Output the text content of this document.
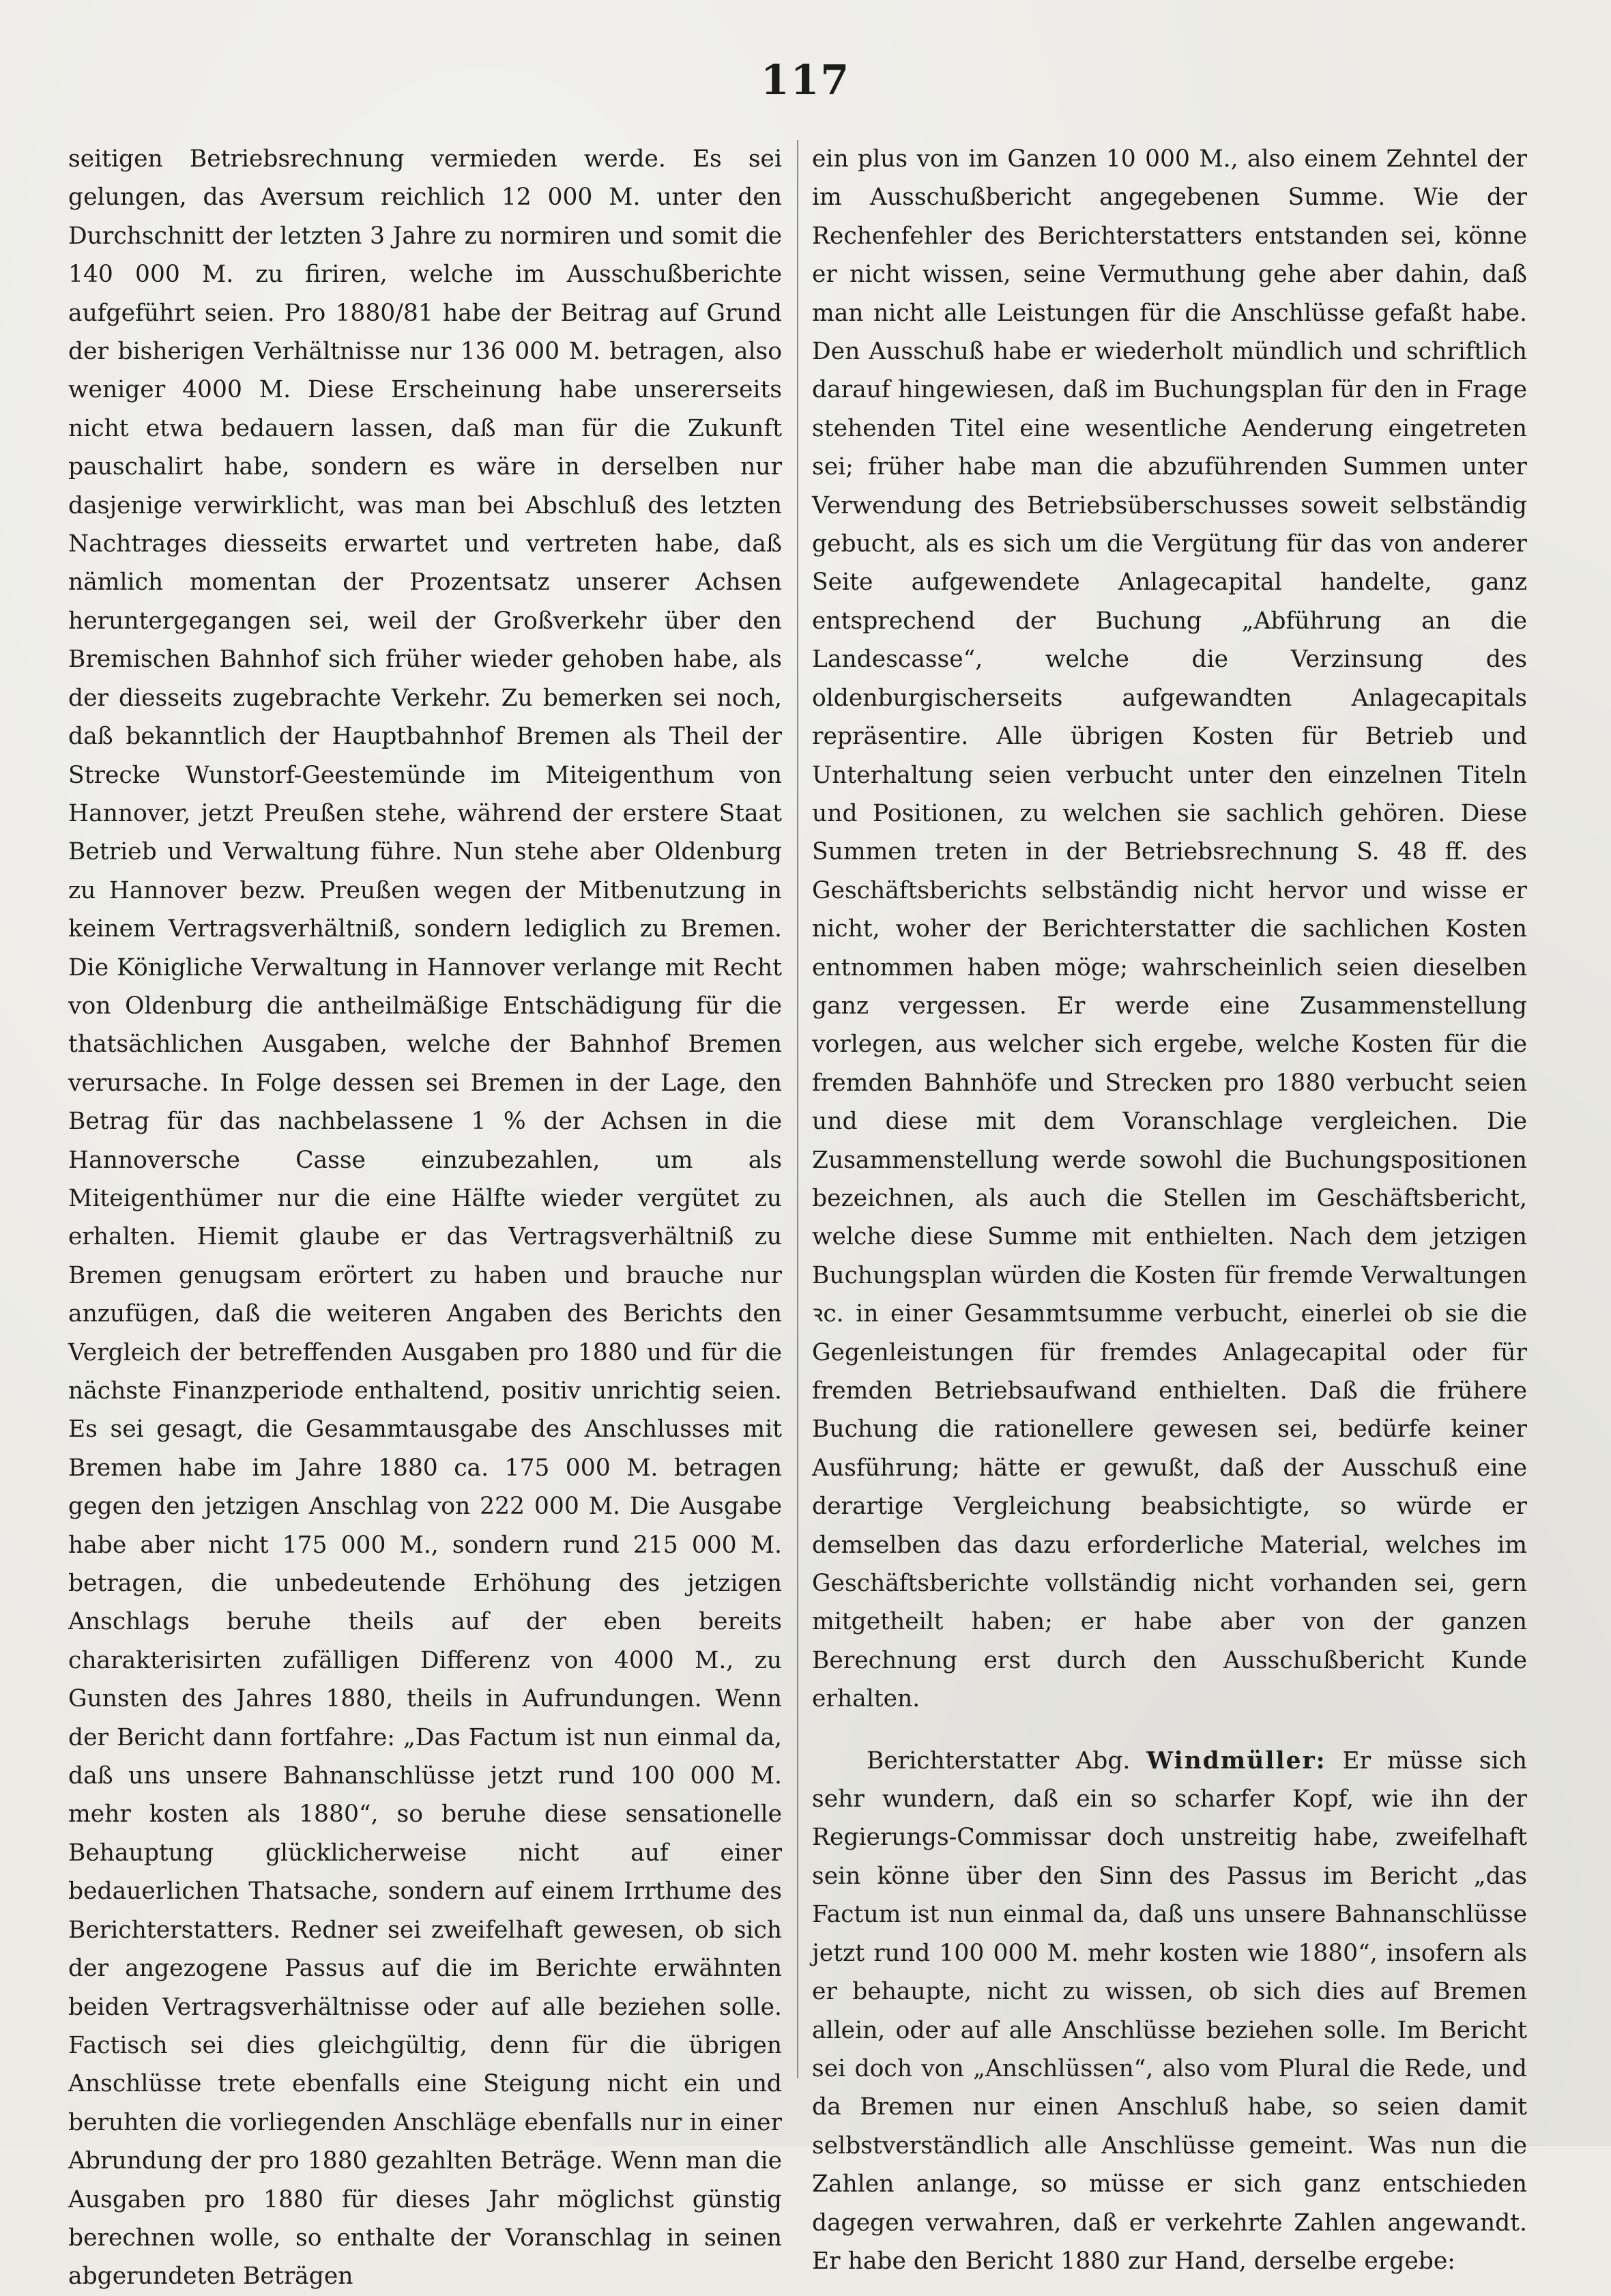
117

seitigen Betriebsrechnung vermieden werde. Es sei gelungen, das Aversum reichlich 12 000 M. unter den Durchschnitt der letzten 3 Jahre zu normiren und somit die 140 000 M. zu firiren, welche im Ausschußberichte aufgeführt seien. Pro 1880/81 habe der Beitrag auf Grund der bisherigen Verhältnisse nur 136 000 M. betragen, also weniger 4000 M. Diese Erscheinung habe unsererseits nicht etwa bedauern lassen, daß man für die Zukunft pauschalirt habe, sondern es wäre in derselben nur dasjenige verwirklicht, was man bei Abschluß des letzten Nachtrages diesseits erwartet und vertreten habe, daß nämlich momentan der Prozentsatz unserer Achsen heruntergegangen sei, weil der Großverkehr über den Bremischen Bahnhof sich früher wieder gehoben habe, als der diesseits zugebrachte Verkehr. Zu bemerken sei noch, daß bekanntlich der Hauptbahnhof Bremen als Theil der Strecke Wunstorf-Geestemünde im Miteigenthum von Hannover, jetzt Preußen stehe, während der erstere Staat Betrieb und Verwaltung führe. Nun stehe aber Oldenburg zu Hannover bezw. Preußen wegen der Mitbenutzung in keinem Vertragsverhältniß, sondern lediglich zu Bremen. Die Königliche Verwaltung in Hannover verlange mit Recht von Oldenburg die antheilmäßige Entschädigung für die thatsächlichen Ausgaben, welche der Bahnhof Bremen verursache. In Folge dessen sei Bremen in der Lage, den Betrag für das nachbelassene 1 % der Achsen in die Hannoversche Casse einzubezahlen, um als Miteigenthümer nur die eine Hälfte wieder vergütet zu erhalten. Hiemit glaube er das Vertragsverhältniß zu Bremen genugsam erörtert zu haben und brauche nur anzufügen, daß die weiteren Angaben des Berichts den Vergleich der betreffenden Ausgaben pro 1880 und für die nächste Finanzperiode enthaltend, positiv unrichtig seien. Es sei gesagt, die Gesammtausgabe des Anschlusses mit Bremen habe im Jahre 1880 ca. 175 000 M. betragen gegen den jetzigen Anschlag von 222 000 M. Die Ausgabe habe aber nicht 175 000 M., sondern rund 215 000 M. betragen, die unbedeutende Erhöhung des jetzigen Anschlags beruhe theils auf der eben bereits charakterisirten zufälligen Differenz von 4000 M., zu Gunsten des Jahres 1880, theils in Aufrundungen. Wenn der Bericht dann fortfahre: „Das Factum ist nun einmal da, daß uns unsere Bahnanschlüsse jetzt rund 100 000 M. mehr kosten als 1880“, so beruhe diese sensationelle Behauptung glücklicherweise nicht auf einer bedauerlichen Thatsache, sondern auf einem Irrthume des Berichterstatters. Redner sei zweifelhaft gewesen, ob sich der angezogene Passus auf die im Berichte erwähnten beiden Vertragsverhältnisse oder auf alle beziehen solle. Factisch sei dies gleichgültig, denn für die übrigen Anschlüsse trete ebenfalls eine Steigung nicht ein und beruhten die vorliegenden Anschläge ebenfalls nur in einer Abrundung der pro 1880 gezahlten Beträge. Wenn man die Ausgaben pro 1880 für dieses Jahr möglichst günstig berechnen wolle, so enthalte der Voranschlag in seinen abgerundeten Beträgen

ein plus von im Ganzen 10 000 M., also einem Zehntel der im Ausschußbericht angegebenen Summe. Wie der Rechenfehler des Berichterstatters entstanden sei, könne er nicht wissen, seine Vermuthung gehe aber dahin, daß man nicht alle Leistungen für die Anschlüsse gefaßt habe. Den Ausschuß habe er wiederholt mündlich und schriftlich darauf hingewiesen, daß im Buchungsplan für den in Frage stehenden Titel eine wesentliche Aenderung eingetreten sei; früher habe man die abzuführenden Summen unter Verwendung des Betriebsüberschusses soweit selbständig gebucht, als es sich um die Vergütung für das von anderer Seite aufgewendete Anlagecapital handelte, ganz entsprechend der Buchung „Abführung an die Landescasse“, welche die Verzinsung des oldenburgischerseits aufgewandten Anlagecapitals repräsentire. Alle übrigen Kosten für Betrieb und Unterhaltung seien verbucht unter den einzelnen Titeln und Positionen, zu welchen sie sachlich gehören. Diese Summen treten in der Betriebsrechnung S. 48 ff. des Geschäftsberichts selbständig nicht hervor und wisse er nicht, woher der Berichterstatter die sachlichen Kosten entnommen haben möge; wahrscheinlich seien dieselben ganz vergessen. Er werde eine Zusammenstellung vorlegen, aus welcher sich ergebe, welche Kosten für die fremden Bahnhöfe und Strecken pro 1880 verbucht seien und diese mit dem Voranschlage vergleichen. Die Zusammenstellung werde sowohl die Buchungspositionen bezeichnen, als auch die Stellen im Geschäftsbericht, welche diese Summe mit enthielten. Nach dem jetzigen Buchungsplan würden die Kosten für fremde Verwaltungen ꝛc. in einer Gesammtsumme verbucht, einerlei ob sie die Gegenleistungen für fremdes Anlagecapital oder für fremden Betriebsaufwand enthielten. Daß die frühere Buchung die rationellere gewesen sei, bedürfe keiner Ausführung; hätte er gewußt, daß der Ausschuß eine derartige Vergleichung beabsichtigte, so würde er demselben das dazu erforderliche Material, welches im Geschäftsberichte vollständig nicht vorhanden sei, gern mitgetheilt haben; er habe aber von der ganzen Berechnung erst durch den Ausschußbericht Kunde erhalten.

Berichterstatter Abg. Windmüller: Er müsse sich sehr wundern, daß ein so scharfer Kopf, wie ihn der Regierungs-Commissar doch unstreitig habe, zweifelhaft sein könne über den Sinn des Passus im Bericht „das Factum ist nun einmal da, daß uns unsere Bahnanschlüsse jetzt rund 100 000 M. mehr kosten wie 1880“, insofern als er behaupte, nicht zu wissen, ob sich dies auf Bremen allein, oder auf alle Anschlüsse beziehen solle. Im Bericht sei doch von „Anschlüssen“, also vom Plural die Rede, und da Bremen nur einen Anschluß habe, so seien damit selbstverständlich alle Anschlüsse gemeint. Was nun die Zahlen anlange, so müsse er sich ganz entschieden dagegen verwahren, daß er verkehrte Zahlen angewandt. Er habe den Bericht 1880 zur Hand, derselbe ergebe:
